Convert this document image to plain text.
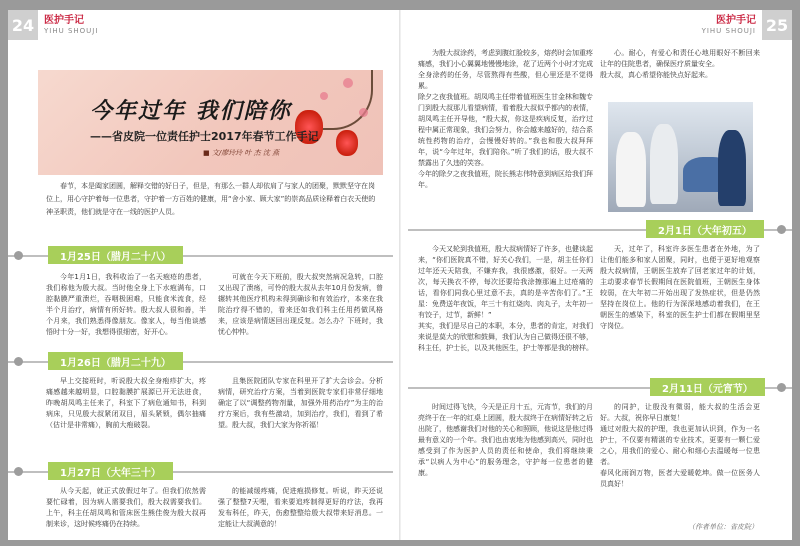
24 医护手记
YIHU SHOUJI
医护手记
YIHU SHOUJI 25
今年过年 我们陪你
——省皮院一位责任护士2017年春节工作手记
■ 文/廖玲玲 叶 杰 沈 燕
春节，本是阖家团圆，解释交错的好日子，但是，有那么一群人却依肩了与家人的团聚，默默坚守在岗位上，用心守护着每一位患者，守护着一方百姓的健康，用“舍小家、顾大家”的崇高品质诠释着白衣天使的神圣职责，他们就是守在一线的医护人员。
1月25日（腊月二十八）
今年1月1日，我科收治了一名天疱疮的患者，我们称他为殷大叔。当时他全身上下水疱满布，口腔黏膜严重溃烂，吞咽极困难，只能食米流食，经半个月治疗，病情有所好转。殷大叔人很和善，半个月来，我们熟悉得像朋友。像家人，每当他谈感悟时十分一好，我想得很细密，好开心。
可就在今天下班前，殷大叔突然病况急转，口腔又出现了溃疡，可怜的殷大叔从去年10月份发病，曾辗转其他医疗机构未得到确诊和有效治疗，本来在我院治疗得不错的，看来还如我们科主任用药做风格来，应该是病情逐回出现反复。怎么办？下班时，我忧心忡忡。
1月26日（腊月二十九）
早上交接班时，听说殷大叔全身疱疹扩大，疼痛感越来越明显，口腔黏膜扩展源已开无法进食，昨晚胡凤鸣主任来了，科室下了病危通知书，科到病床，只见殷大叔紧闭双目，眉头紧锁，偶尔抽痛（估计是非常痛），胸前大疱破裂。
且集医院团队专家在科里开了扩大会诊会。分析病情，研究治疗方案，当着到医院专家们非常仔细地确定了以“调整药物剂量，加强外用药治疗”为主的治疗方案后，我有些激动，加到治疗，我们，看到了希望。殷大叔，我们大家为你祈福！
1月27日（大年三十）
从今天起，就正式放假过年了。但我们依然需要忙碌着，因为病人需要我们，殷大叔需要我们。上午，科主任胡凤鸣和管床医生熊佳俊为殷大叔再制来诊，这时候疼痛仍在持续。
的能减缓疼痛，促进疱损修复。听说，昨天还说强了整整7天哩，看来要追疼制得更好的疗法，我再发布科任，昨天，伤愈整整给殷大叔带来好消息。一定能让大叔满意的！
为殷大叔涂药，考虑到腹红脸较多，熔药时会加重疼痛感，我们小心翼翼地慢慢地涂，花了近两个小时才完成全身涂药的任务，尽管熬得有些酸，但心里还是不觉得累。
除夕之夜我值班。胡凤鸣主任带着值班医生甘金林和魏专门到殷大叔那儿看望病情，看着殷大叔似乎都内的表情，胡凤鸣主任开导他，“殷大叔，你这是疾病反复，治疗过程中属正常现象，我们会努力，你会越来越好的，结合系统性药物的治疗，会慢慢好转的。”我也和殷大叔拜拜年，说“今年过年，我们陪你。”听了我们的话，殷大叔不禁露出了久违的笑容。
今年的除夕之夜我值班，院长熊志伟特意到病区给我们拜年。
心。耐心，有爱心和责任心地用眼好不断回来让年的住院患者，确保医疗质量安全。
殷大叔，真心希望你能快点好起来。
2月1日（大年初五）
今天又轮到我值班，殷大叔病情好了许多，也健谈起来，“你们医院真不错，好关心我们，一是，胡主任你们过年还天天陪我，不嫌弃我，我很感激，很好。一天两次，每天换衣不停，每次还要给我涂擦那遍上过疮痛的话，看你们同我心里过意不去，真的是辛苦你们了。”王星：免费送年夜饭，年三十有红烧肉、肉丸子，太年初一有饺子，过节，新鲜！”
其实，我们是尽自己的本职，本分，患者的肯定，对我们来说是莫大的欣慰和鼓舞，我们认为自己做得还很不够，科主任，护士长，以及其他医生，护士等都是我的榜样。
天，过年了，科室许多医生患者在外地，为了让他们能多和家人团聚，同时，也便于更好地观察殷大叔病情，王朝医生放弃了回老家过年的计划，主动要求春节长假期间在医院值班，王朝医生身体较弱，在大年初二开始出现了发热症状，但是仍然坚持在岗位上。他的行为深深地感动着我们，在王朝医生的感染下，科室的医生护士们都在假期里坚守岗位。
2月11日（元宵节）
时间过得飞快，今天是正月十五，元宵节，我们的月亮终于在一年的红桌上团圆，殷大叔终于在病情好转之后出院了，他感谢我们对他的关心和照顾，他说这是他过得最有意义的一个年。我们也由衷地为他感到高兴，同时也感受到了作为医护人员的责任和使命，我们将继续秉承“以病人为中心”的服务理念，守护每一位患者的健康。
的同护，让殷没有微弱，能大叔的生活会更好。大叔，祝你早日康复！
通过对殷大叔的护理，我也更加认识到，作为一名护士，不仅要有精湛的专业技术，更要有一颗仁爱之心，用我们的爱心、耐心和细心去温暖每一位患者。
春风化雨润万物，医者大爱暖乾坤。做一位医务人员真好！
（作者单位：省皮院）
